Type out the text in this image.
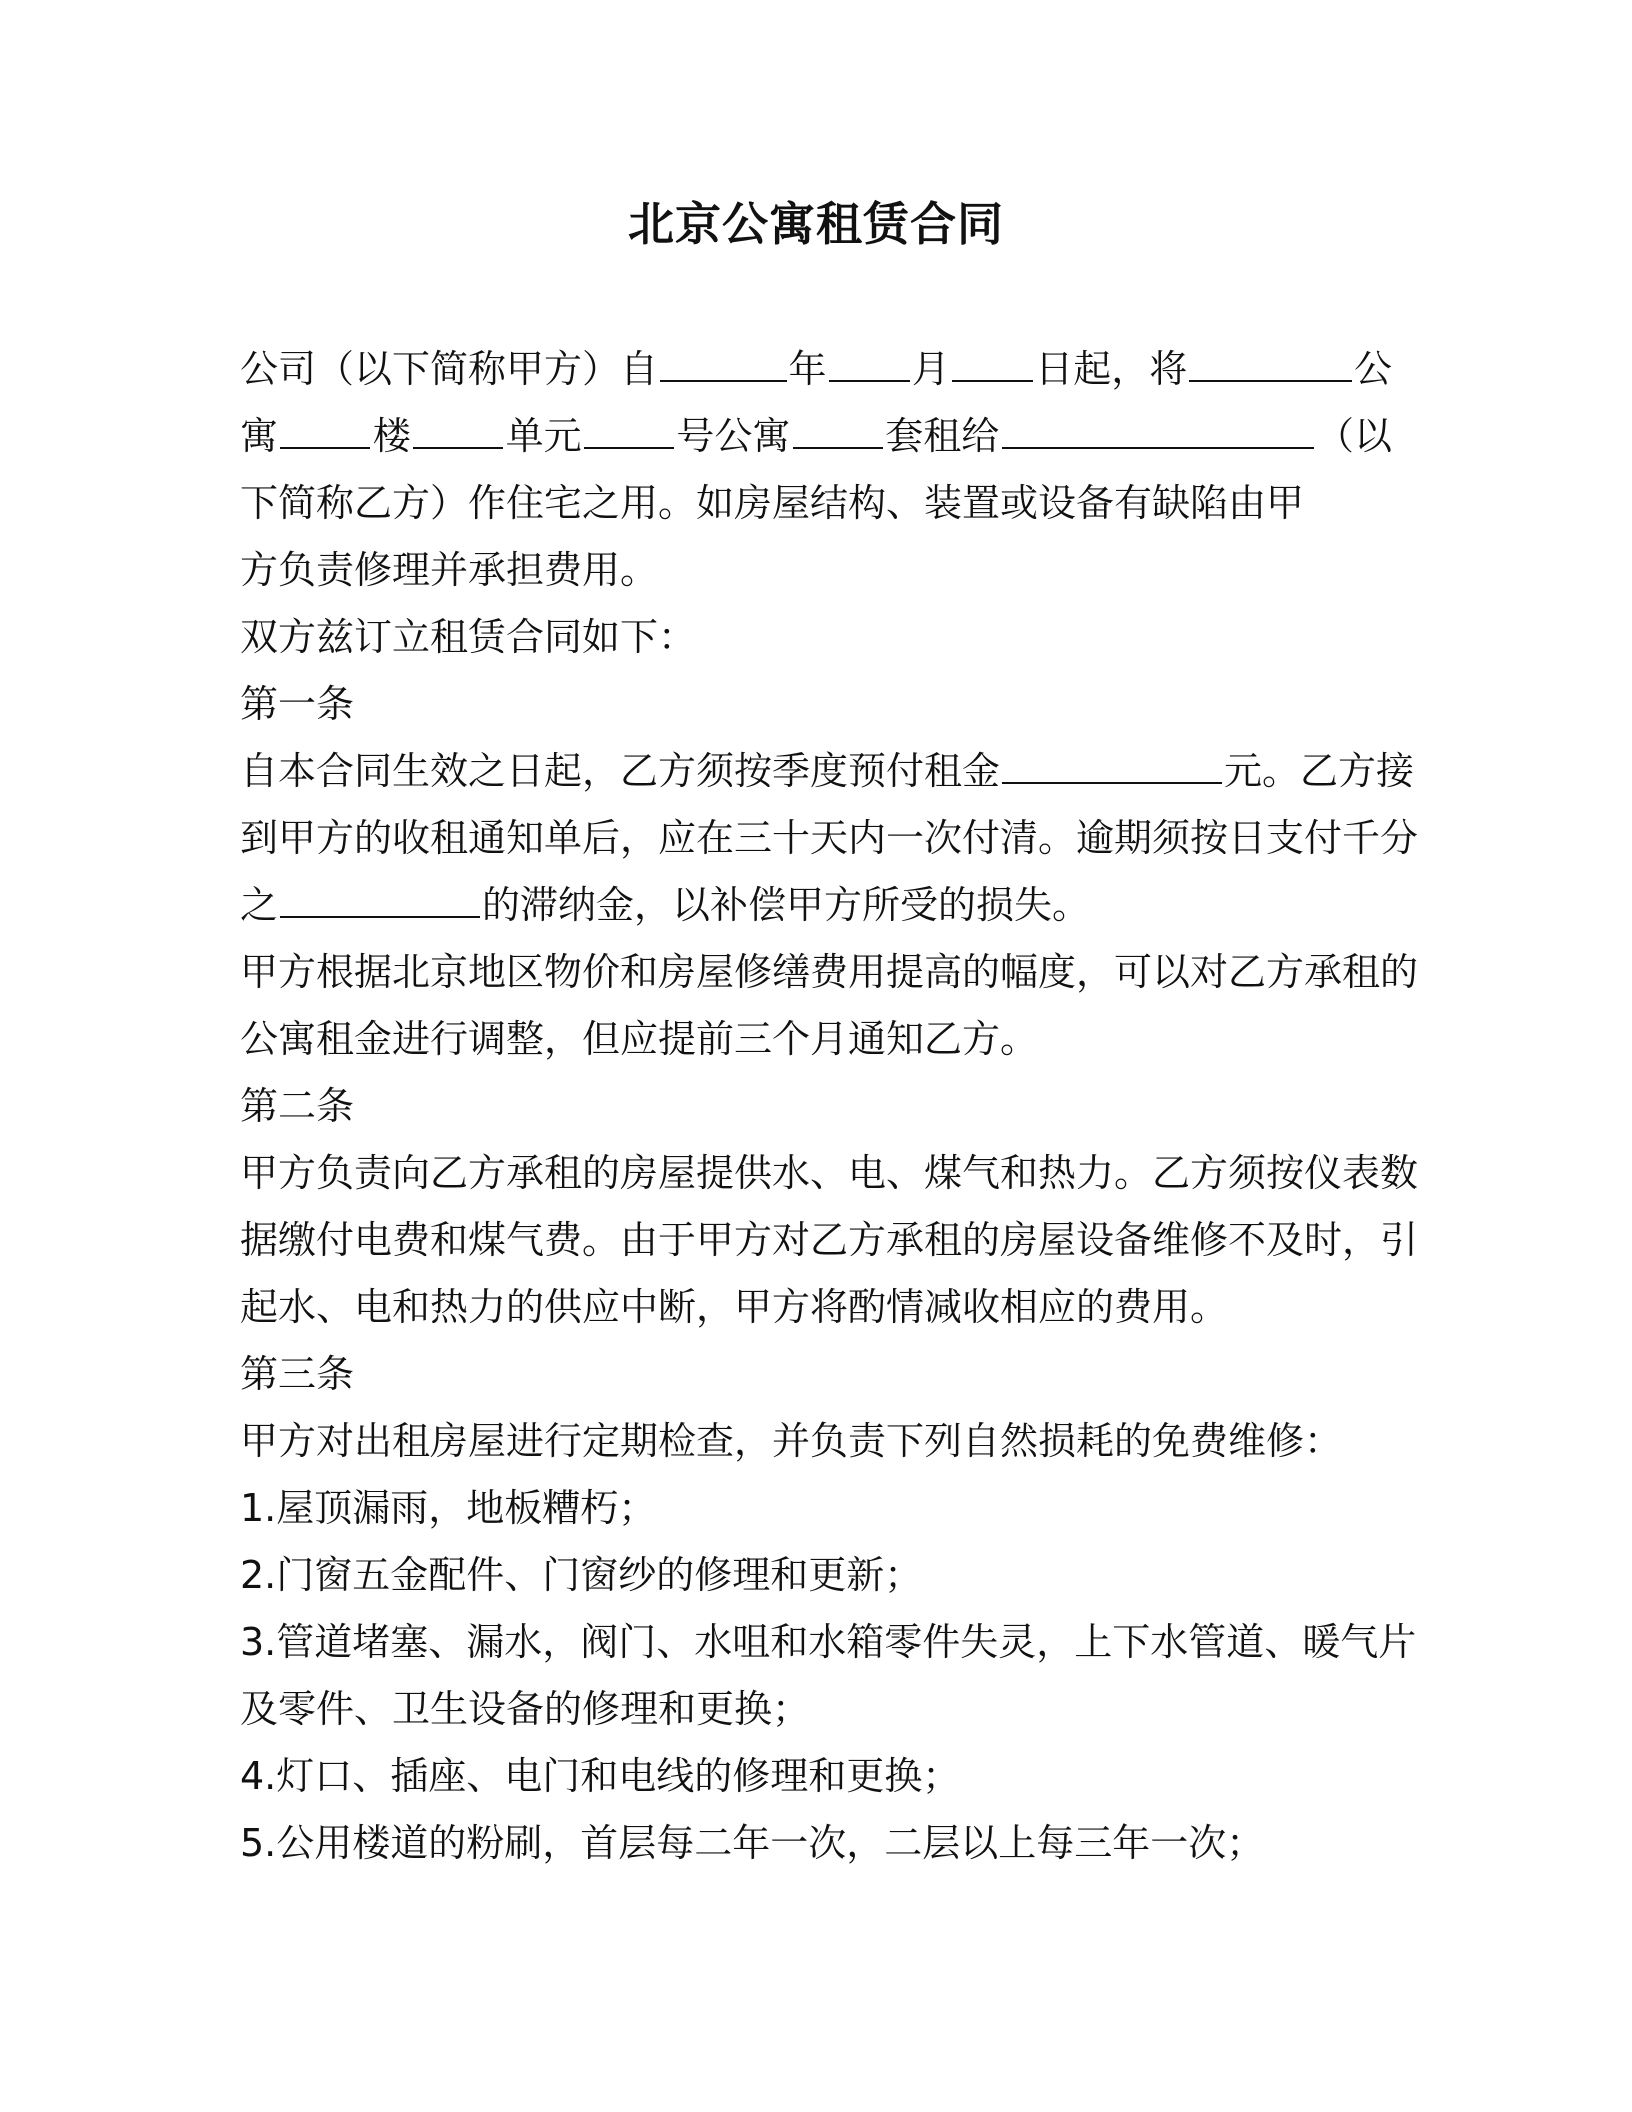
北京公寓租赁合同
公司（以下简称甲方）自	年 月 日起，将	公
寓 楼 单元 号公寓 套租给	（以
下简称乙方）作住宅之用。如房屋结构、装置或设备有缺陷由甲
方负责修理并承担费用。
双方兹订立租赁合同如下：
第一条
自本合同生效之日起，乙方须按季度预付租金	元。乙方接
到甲方的收租通知单后，应在三十天内一次付清。逾期须按日支付千分
之	的滞纳金，以补偿甲方所受的损失。
甲方根据北京地区物价和房屋修缮费用提高的幅度，可以对乙方承租的
公寓租金进行调整，但应提前三个月通知乙方。
第二条
甲方负责向乙方承租的房屋提供水、电、煤气和热力。乙方须按仪表数
据缴付电费和煤气费。由于甲方对乙方承租的房屋设备维修不及时，引
起水、电和热力的供应中断，甲方将酌情减收相应的费用。
第三条
甲方对出租房屋进行定期检查，并负责下列自然损耗的免费维修：
1.屋顶漏雨，地板糟朽；
2.门窗五金配件、门窗纱的修理和更新；
3.管道堵塞、漏水，阀门、水咀和水箱零件失灵，上下水管道、暖气片
及零件、卫生设备的修理和更换；
4.灯口、插座、电门和电线的修理和更换；
5.公用楼道的粉刷，首层每二年一次，二层以上每三年一次；
